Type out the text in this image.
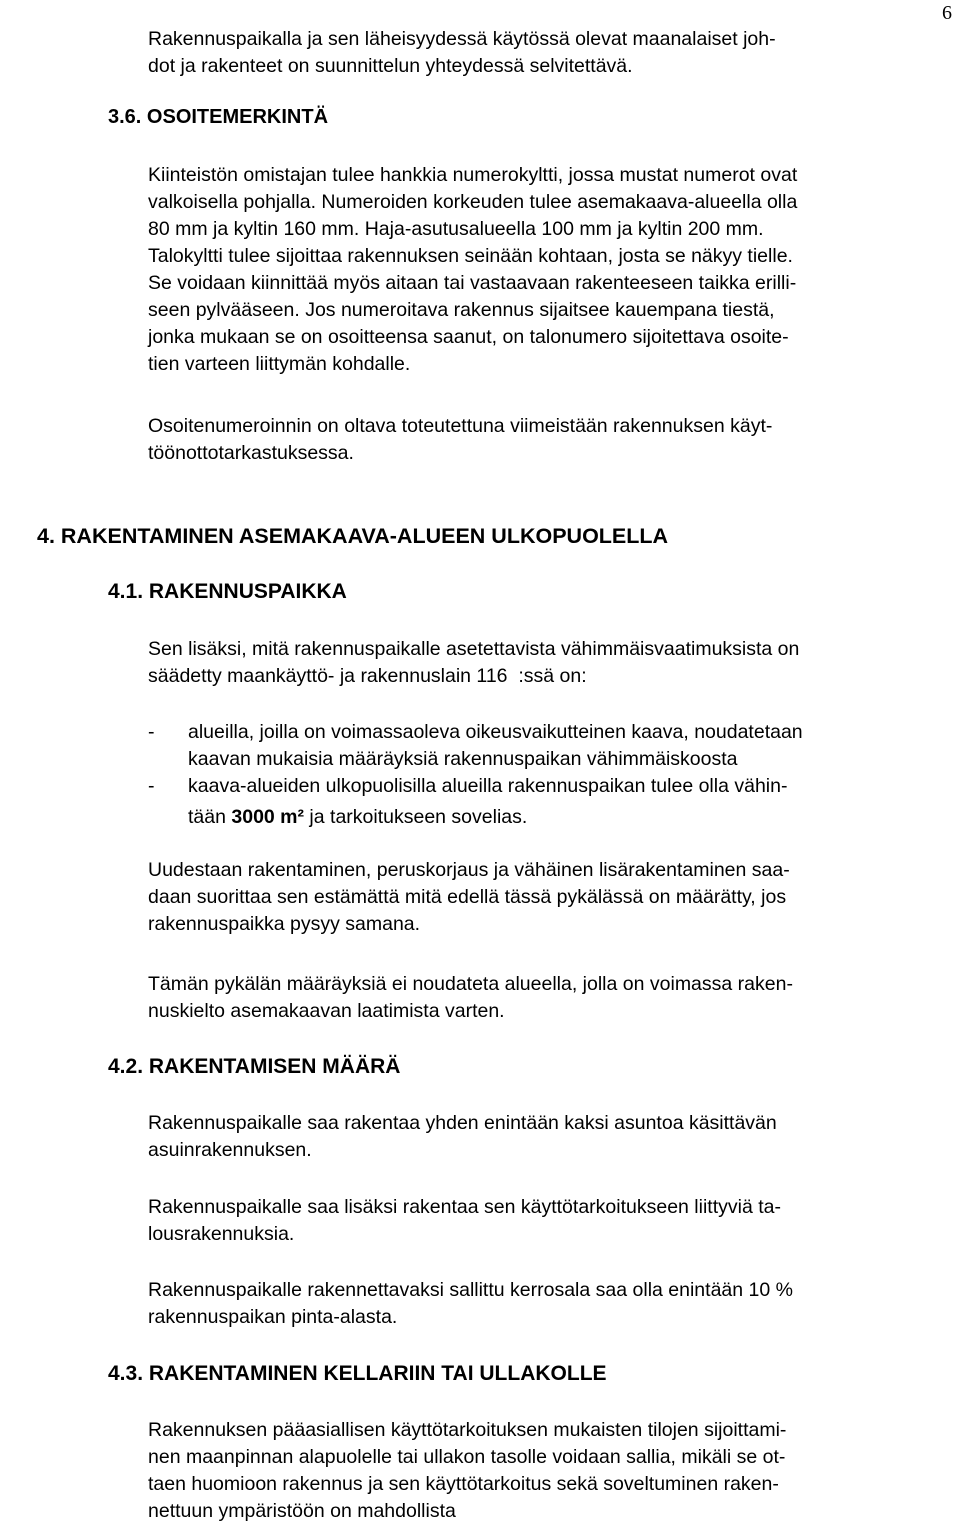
6

Rakennuspaikalla ja sen läheisyydessä käytössä olevat maanalaiset joh-
dot ja rakenteet on suunnittelun yhteydessä selvitettävä.

3.6. OSOITEMERKINTÄ

Kiinteistön omistajan tulee hankkia numerokyltti, jossa mustat numerot ovat
valkoisella pohjalla. Numeroiden korkeuden tulee asemakaava-alueella olla
80 mm ja kyltin 160 mm. Haja-asutusalueella 100 mm ja kyltin 200 mm.
Talokyltti tulee sijoittaa rakennuksen seinään kohtaan, josta se näkyy tielle.
Se voidaan kiinnittää myös aitaan tai vastaavaan rakenteeseen taikka erilli-
seen pylvääseen. Jos numeroitava rakennus sijaitsee kauempana tiestä,
jonka mukaan se on osoitteensa saanut, on talonumero sijoitettava osoite-
tien varteen liittymän kohdalle.

Osoitenumeroinnin on oltava toteutettuna viimeistään rakennuksen käyt-
töönottotarkastuksessa.

4. RAKENTAMINEN ASEMAKAAVA-ALUEEN ULKOPUOLELLA
4.1. RAKENNUSPAIKKA

Sen lisäksi, mitä rakennuspaikalle asetettavista vähimmäisvaatimuksista on
säädetty maankäyttö- ja rakennuslain 116  :ssä on:

- alueilla, joilla on voimassaoleva oikeusvaikutteinen kaava, noudatetaan
kaavan mukaisia määräyksiä rakennuspaikan vähimmäiskoosta
- kaava-alueiden ulkopuolisilla alueilla rakennuspaikan tulee olla vähin-
tään 3000 m² ja tarkoitukseen sovelias.

Uudestaan rakentaminen, peruskorjaus ja vähäinen lisärakentaminen saa-
daan suorittaa sen estämättä mitä edellä tässä pykälässä on määrätty, jos
rakennuspaikka pysyy samana.

Tämän pykälän määräyksiä ei noudateta alueella, jolla on voimassa raken-
nuskielto asemakaavan laatimista varten.

4.2. RAKENTAMISEN MÄÄRÄ

Rakennuspaikalle saa rakentaa yhden enintään kaksi asuntoa käsittävän
asuinrakennuksen.

Rakennuspaikalle saa lisäksi rakentaa sen käyttötarkoitukseen liittyviä ta-
lousrakennuksia.

Rakennuspaikalle rakennettavaksi sallittu kerrosala saa olla enintään 10 %
rakennuspaikan pinta-alasta.

4.3. RAKENTAMINEN KELLARIIN TAI ULLAKOLLE

Rakennuksen pääasiallisen käyttötarkoituksen mukaisten tilojen sijoittami-
nen maanpinnan alapuolelle tai ullakon tasolle voidaan sallia, mikäli se ot-
taen huomioon rakennus ja sen käyttötarkoitus sekä soveltuminen raken-
nettuun ympäristöön on mahdollista
